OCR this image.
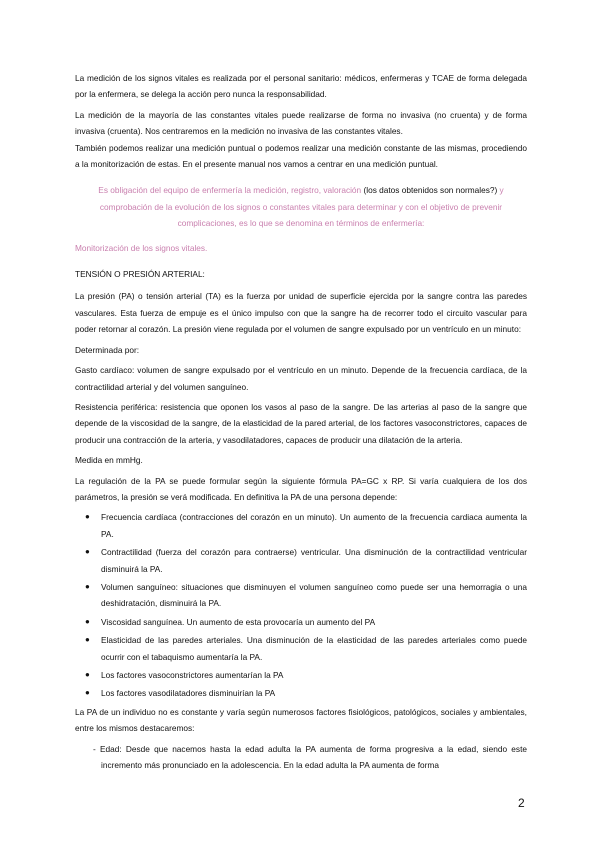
La medición de los signos vitales es realizada por el personal sanitario: médicos, enfermeras y TCAE de forma delegada por la enfermera, se delega la acción pero nunca la responsabilidad.

La medición de la mayoría de las constantes vitales puede realizarse de forma no invasiva (no cruenta) y de forma invasiva (cruenta). Nos centraremos en la medición no invasiva de las constantes vitales.

También podemos realizar una medición puntual o podemos realizar una medición constante de las mismas, procediendo a la monitorización de estas. En el presente manual nos vamos a centrar en una medición puntual.

Es obligación del equipo de enfermería la medición, registro, valoración (los datos obtenidos son normales?) y comprobación de la evolución de los signos o constantes vitales para determinar y con el objetivo de prevenir complicaciones, es lo que se denomina en términos de enfermería:

Monitorización de los signos vitales.

TENSIÓN O PRESIÓN ARTERIAL:

La presión (PA) o tensión arterial (TA) es la fuerza por unidad de superficie ejercida por la sangre contra las paredes vasculares. Esta fuerza de empuje es el único impulso con que la sangre ha de recorrer todo el circuito vascular para poder retornar al corazón. La presión viene regulada por el volumen de sangre expulsado por un ventrículo en un minuto:

Determinada por:

Gasto cardíaco: volumen de sangre expulsado por el ventrículo en un minuto. Depende de la frecuencia cardíaca, de la contractilidad arterial y del volumen sanguíneo.

Resistencia periférica: resistencia que oponen los vasos al paso de la sangre. De las arterias al paso de la sangre que depende de la viscosidad de la sangre, de la elasticidad de la pared arterial, de los factores vasoconstrictores, capaces de producir una contracción de la arteria, y vasodilatadores, capaces de producir una dilatación de la arteria.

Medida en mmHg.

La regulación de la PA se puede formular según la siguiente fórmula PA=GC x RP. Si varía cualquiera de los dos parámetros, la presión se verá modificada. En definitiva la PA de una persona depende:

● Frecuencia cardíaca (contracciones del corazón en un minuto). Un aumento de la frecuencia cardiaca aumenta la PA.
● Contractilidad (fuerza del corazón para contraerse) ventricular. Una disminución de la contractilidad ventricular disminuirá la PA.
● Volumen sanguíneo: situaciones que disminuyen el volumen sanguíneo como puede ser una hemorragia o una deshidratación, disminuirá la PA.
● Viscosidad sanguínea. Un aumento de esta provocaría un aumento del PA
● Elasticidad de las paredes arteriales. Una disminución de la elasticidad de las paredes arteriales como puede ocurrir con el tabaquismo aumentaría la PA.
● Los factores vasoconstrictores aumentarían la PA
● Los factores vasodilatadores disminuirían la PA

La PA de un individuo no es constante y varía según numerosos factores fisiológicos, patológicos, sociales y ambientales, entre los mismos destacaremos:

- Edad: Desde que nacemos hasta la edad adulta la PA aumenta de forma progresiva a la edad, siendo este incremento más pronunciado en la adolescencia. En la edad adulta la PA aumenta de forma

2
